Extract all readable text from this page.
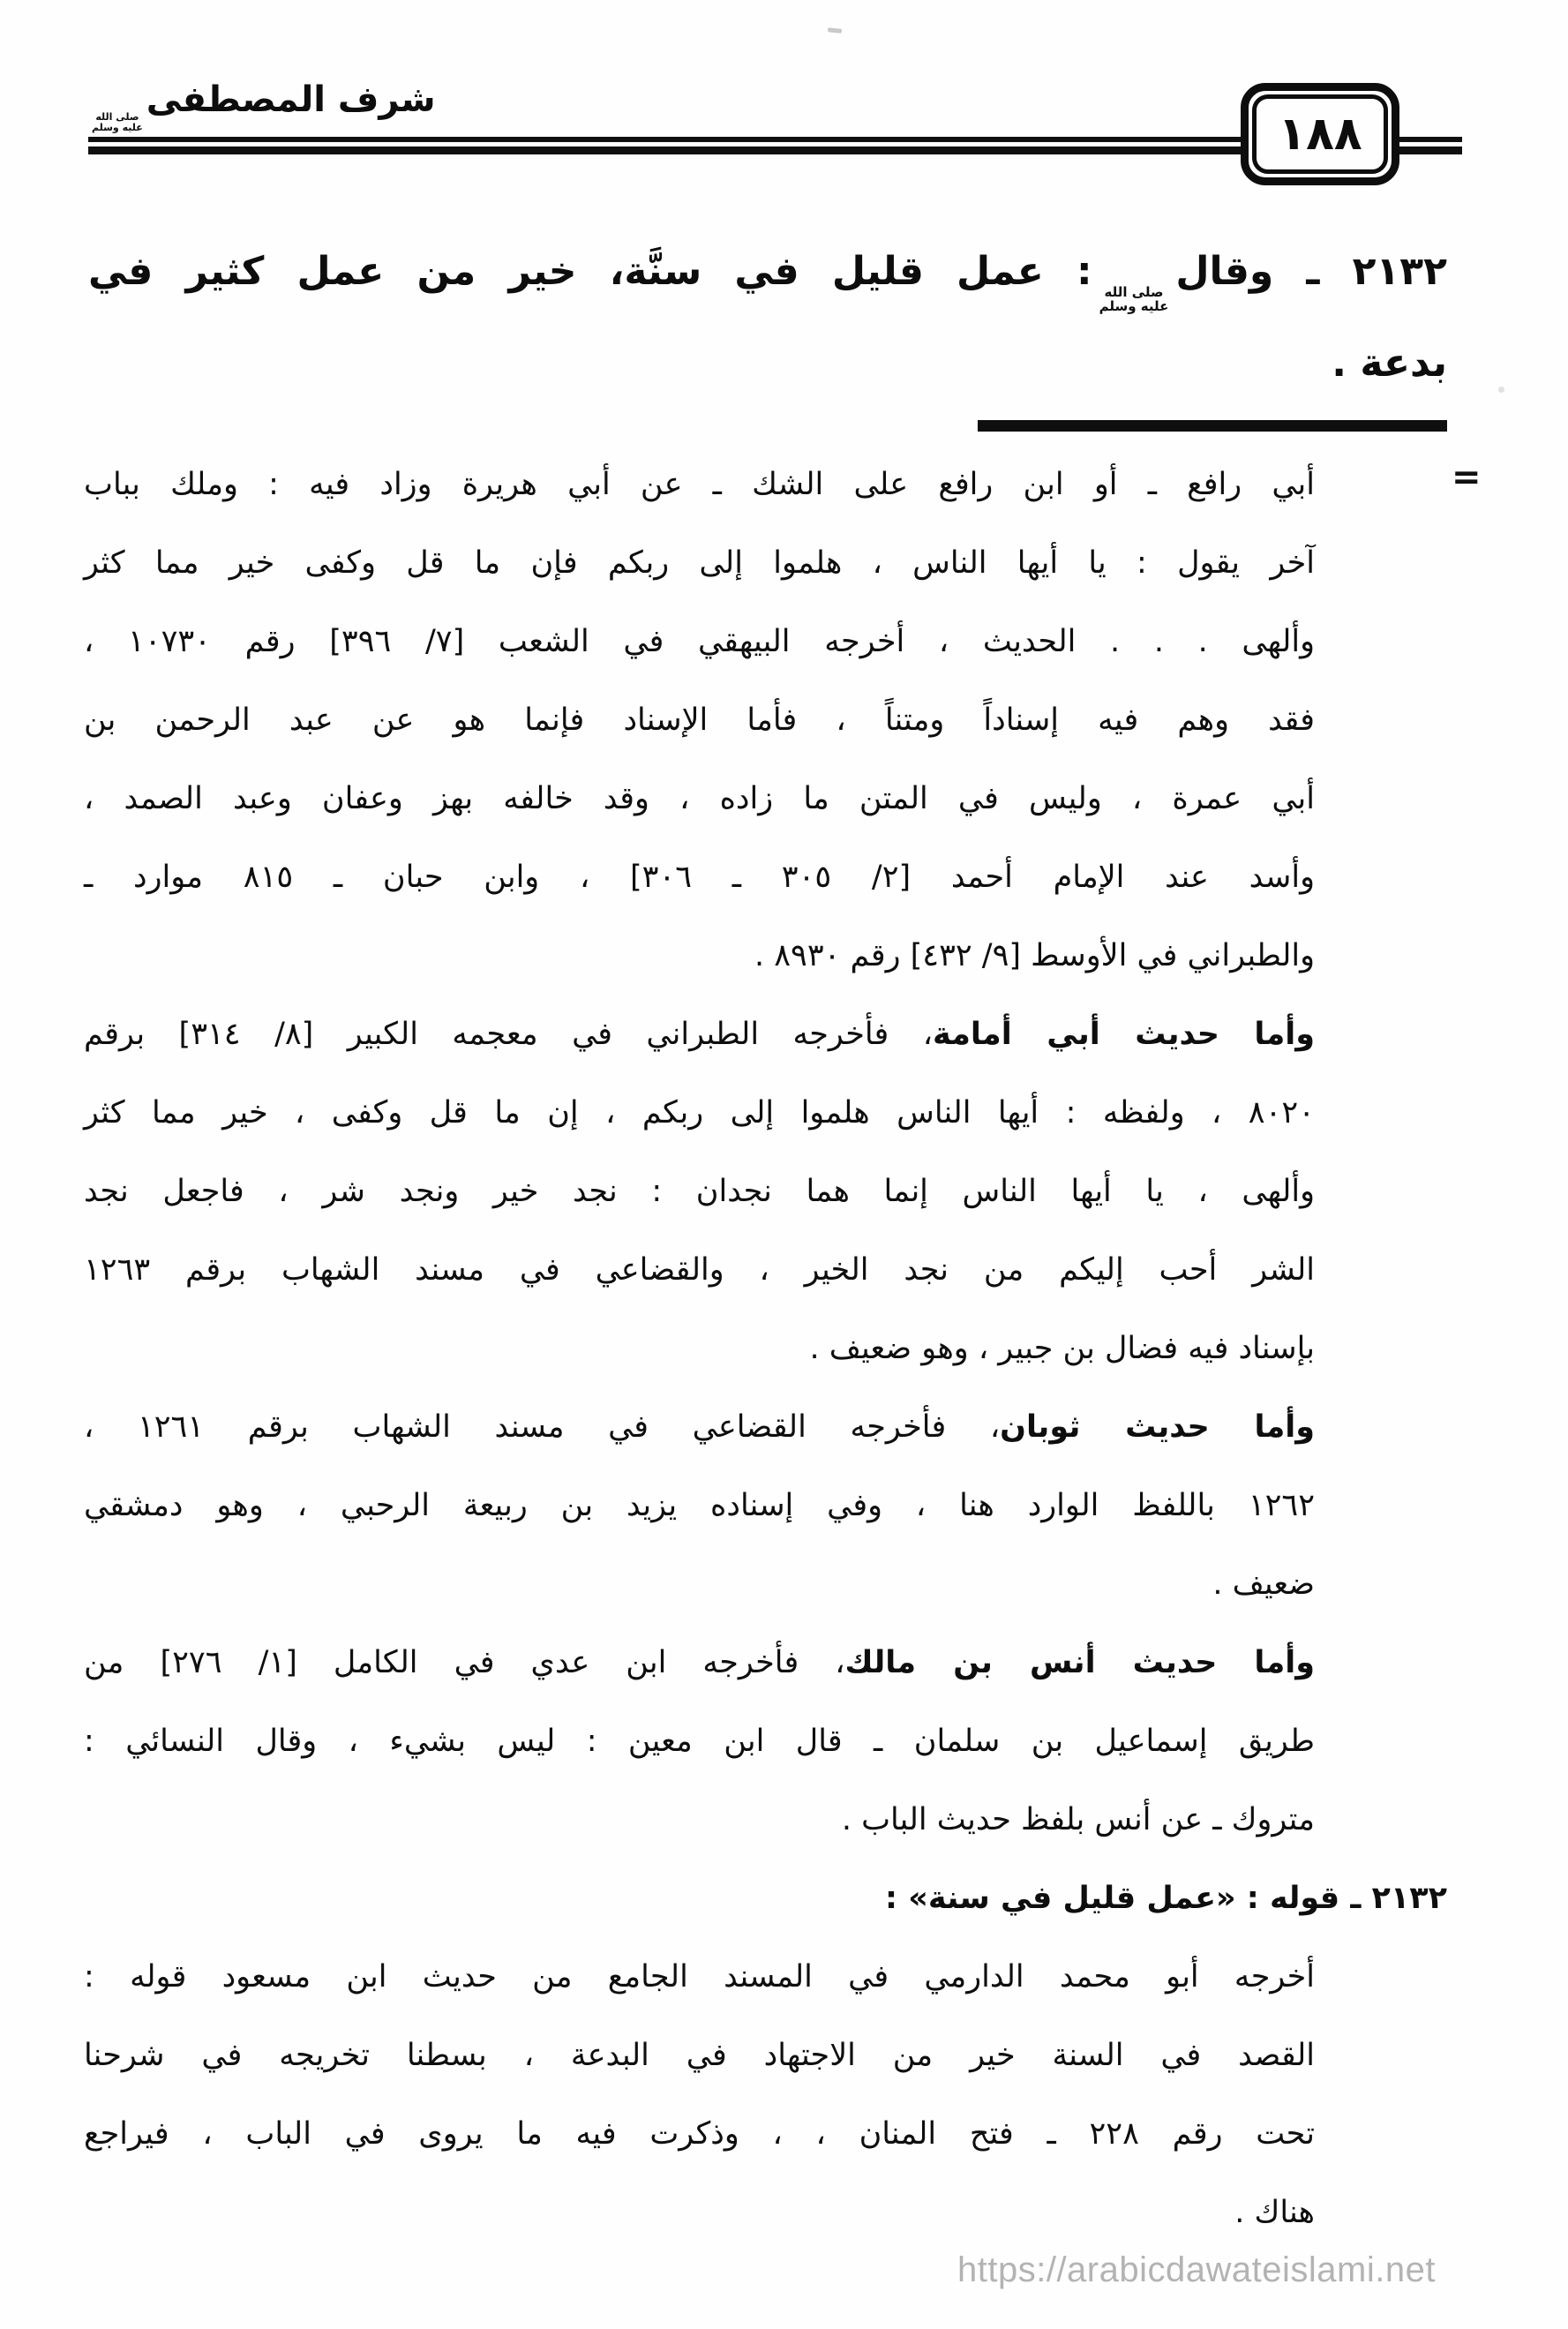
شرف المصطفى
صلى الله
عليه وسلم	١٨٨
٢١٣٢ ـ وقال
صلى الله
عليه وسلم
: عمل قليل في سنَّة، خير من عمل كثير في
بدعة .
=
أبي رافع ـ أو ابن رافع على الشك ـ عن أبي هريرة وزاد فيه : وملك بباب
آخر يقول : يا أيها الناس ، هلموا إلى ربكم فإن ما قل وكفى خير مما كثر
وألهى . . . الحديث ، أخرجه البيهقي في الشعب [٧/ ٣٩٦] رقم ١٠٧٣٠ ،
فقد وهم فيه إسناداً ومتناً ، فأما الإسناد فإنما هو عن عبد الرحمن بن
أبي عمرة ، وليس في المتن ما زاده ، وقد خالفه بهز وعفان وعبد الصمد ،
وأسد عند الإمام أحمد [٢/ ٣٠٥ ـ ٣٠٦] ، وابن حبان ـ ٨١٥ موارد ـ
والطبراني في الأوسط [٩/ ٤٣٢] رقم ٨٩٣٠ .
وأما حديث أبي أمامة، فأخرجه الطبراني في معجمه الكبير [٨/ ٣١٤] برقم
٨٠٢٠ ، ولفظه : أيها الناس هلموا إلى ربكم ، إن ما قل وكفى ، خير مما كثر
وألهى ، يا أيها الناس إنما هما نجدان : نجد خير ونجد شر ، فاجعل نجد
الشر أحب إليكم من نجد الخير ، والقضاعي في مسند الشهاب برقم ١٢٦٣
بإسناد فيه فضال بن جبير ، وهو ضعيف .
وأما حديث ثوبان، فأخرجه القضاعي في مسند الشهاب برقم ١٢٦١ ،
١٢٦٢ باللفظ الوارد هنا ، وفي إسناده يزيد بن ربيعة الرحبي ، وهو دمشقي
ضعيف .
وأما حديث أنس بن مالك، فأخرجه ابن عدي في الكامل [١/ ٢٧٦] من
طريق إسماعيل بن سلمان ـ قال ابن معين : ليس بشيء ، وقال النسائي :
متروك ـ عن أنس بلفظ حديث الباب .
٢١٣٢ ـ قوله : «عمل قليل في سنة» :
أخرجه أبو محمد الدارمي في المسند الجامع من حديث ابن مسعود قوله :
القصد في السنة خير من الاجتهاد في البدعة ، بسطنا تخريجه في شرحنا
تحت رقم ٢٢٨ ـ فتح المنان ، ، وذكرت فيه ما يروى في الباب ، فيراجع
هناك .
https://arabicdawateislami.net
